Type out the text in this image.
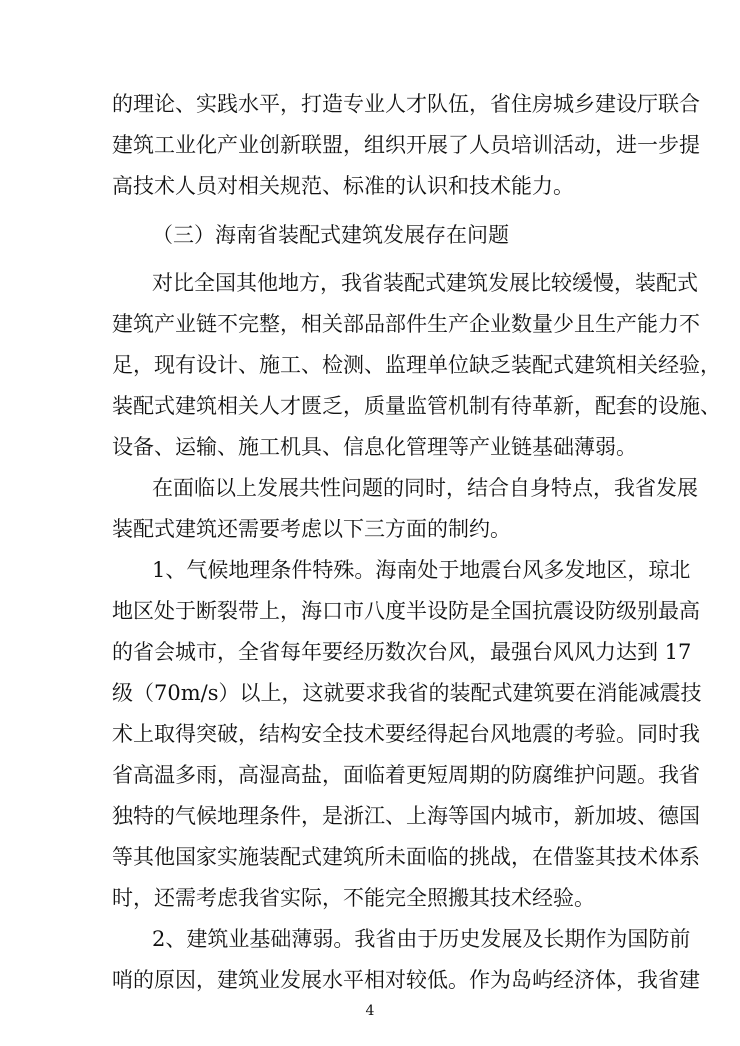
的理论、实践水平，打造专业人才队伍，省住房城乡建设厅联合
建筑工业化产业创新联盟，组织开展了人员培训活动，进一步提
高技术人员对相关规范、标准的认识和技术能力。
（三）海南省装配式建筑发展存在问题
对比全国其他地方，我省装配式建筑发展比较缓慢，装配式
建筑产业链不完整，相关部品部件生产企业数量少且生产能力不
足，现有设计、施工、检测、监理单位缺乏装配式建筑相关经验，
装配式建筑相关人才匮乏，质量监管机制有待革新，配套的设施、
设备、运输、施工机具、信息化管理等产业链基础薄弱。
在面临以上发展共性问题的同时，结合自身特点，我省发展
装配式建筑还需要考虑以下三方面的制约。
1、气候地理条件特殊。海南处于地震台风多发地区，琼北
地区处于断裂带上，海口市八度半设防是全国抗震设防级别最高
的省会城市，全省每年要经历数次台风，最强台风风力达到 17
级（70m/s）以上，这就要求我省的装配式建筑要在消能减震技
术上取得突破，结构安全技术要经得起台风地震的考验。同时我
省高温多雨，高湿高盐，面临着更短周期的防腐维护问题。我省
独特的气候地理条件，是浙江、上海等国内城市，新加坡、德国
等其他国家实施装配式建筑所未面临的挑战，在借鉴其技术体系
时，还需考虑我省实际，不能完全照搬其技术经验。
2、建筑业基础薄弱。我省由于历史发展及长期作为国防前
哨的原因，建筑业发展水平相对较低。作为岛屿经济体，我省建
4
